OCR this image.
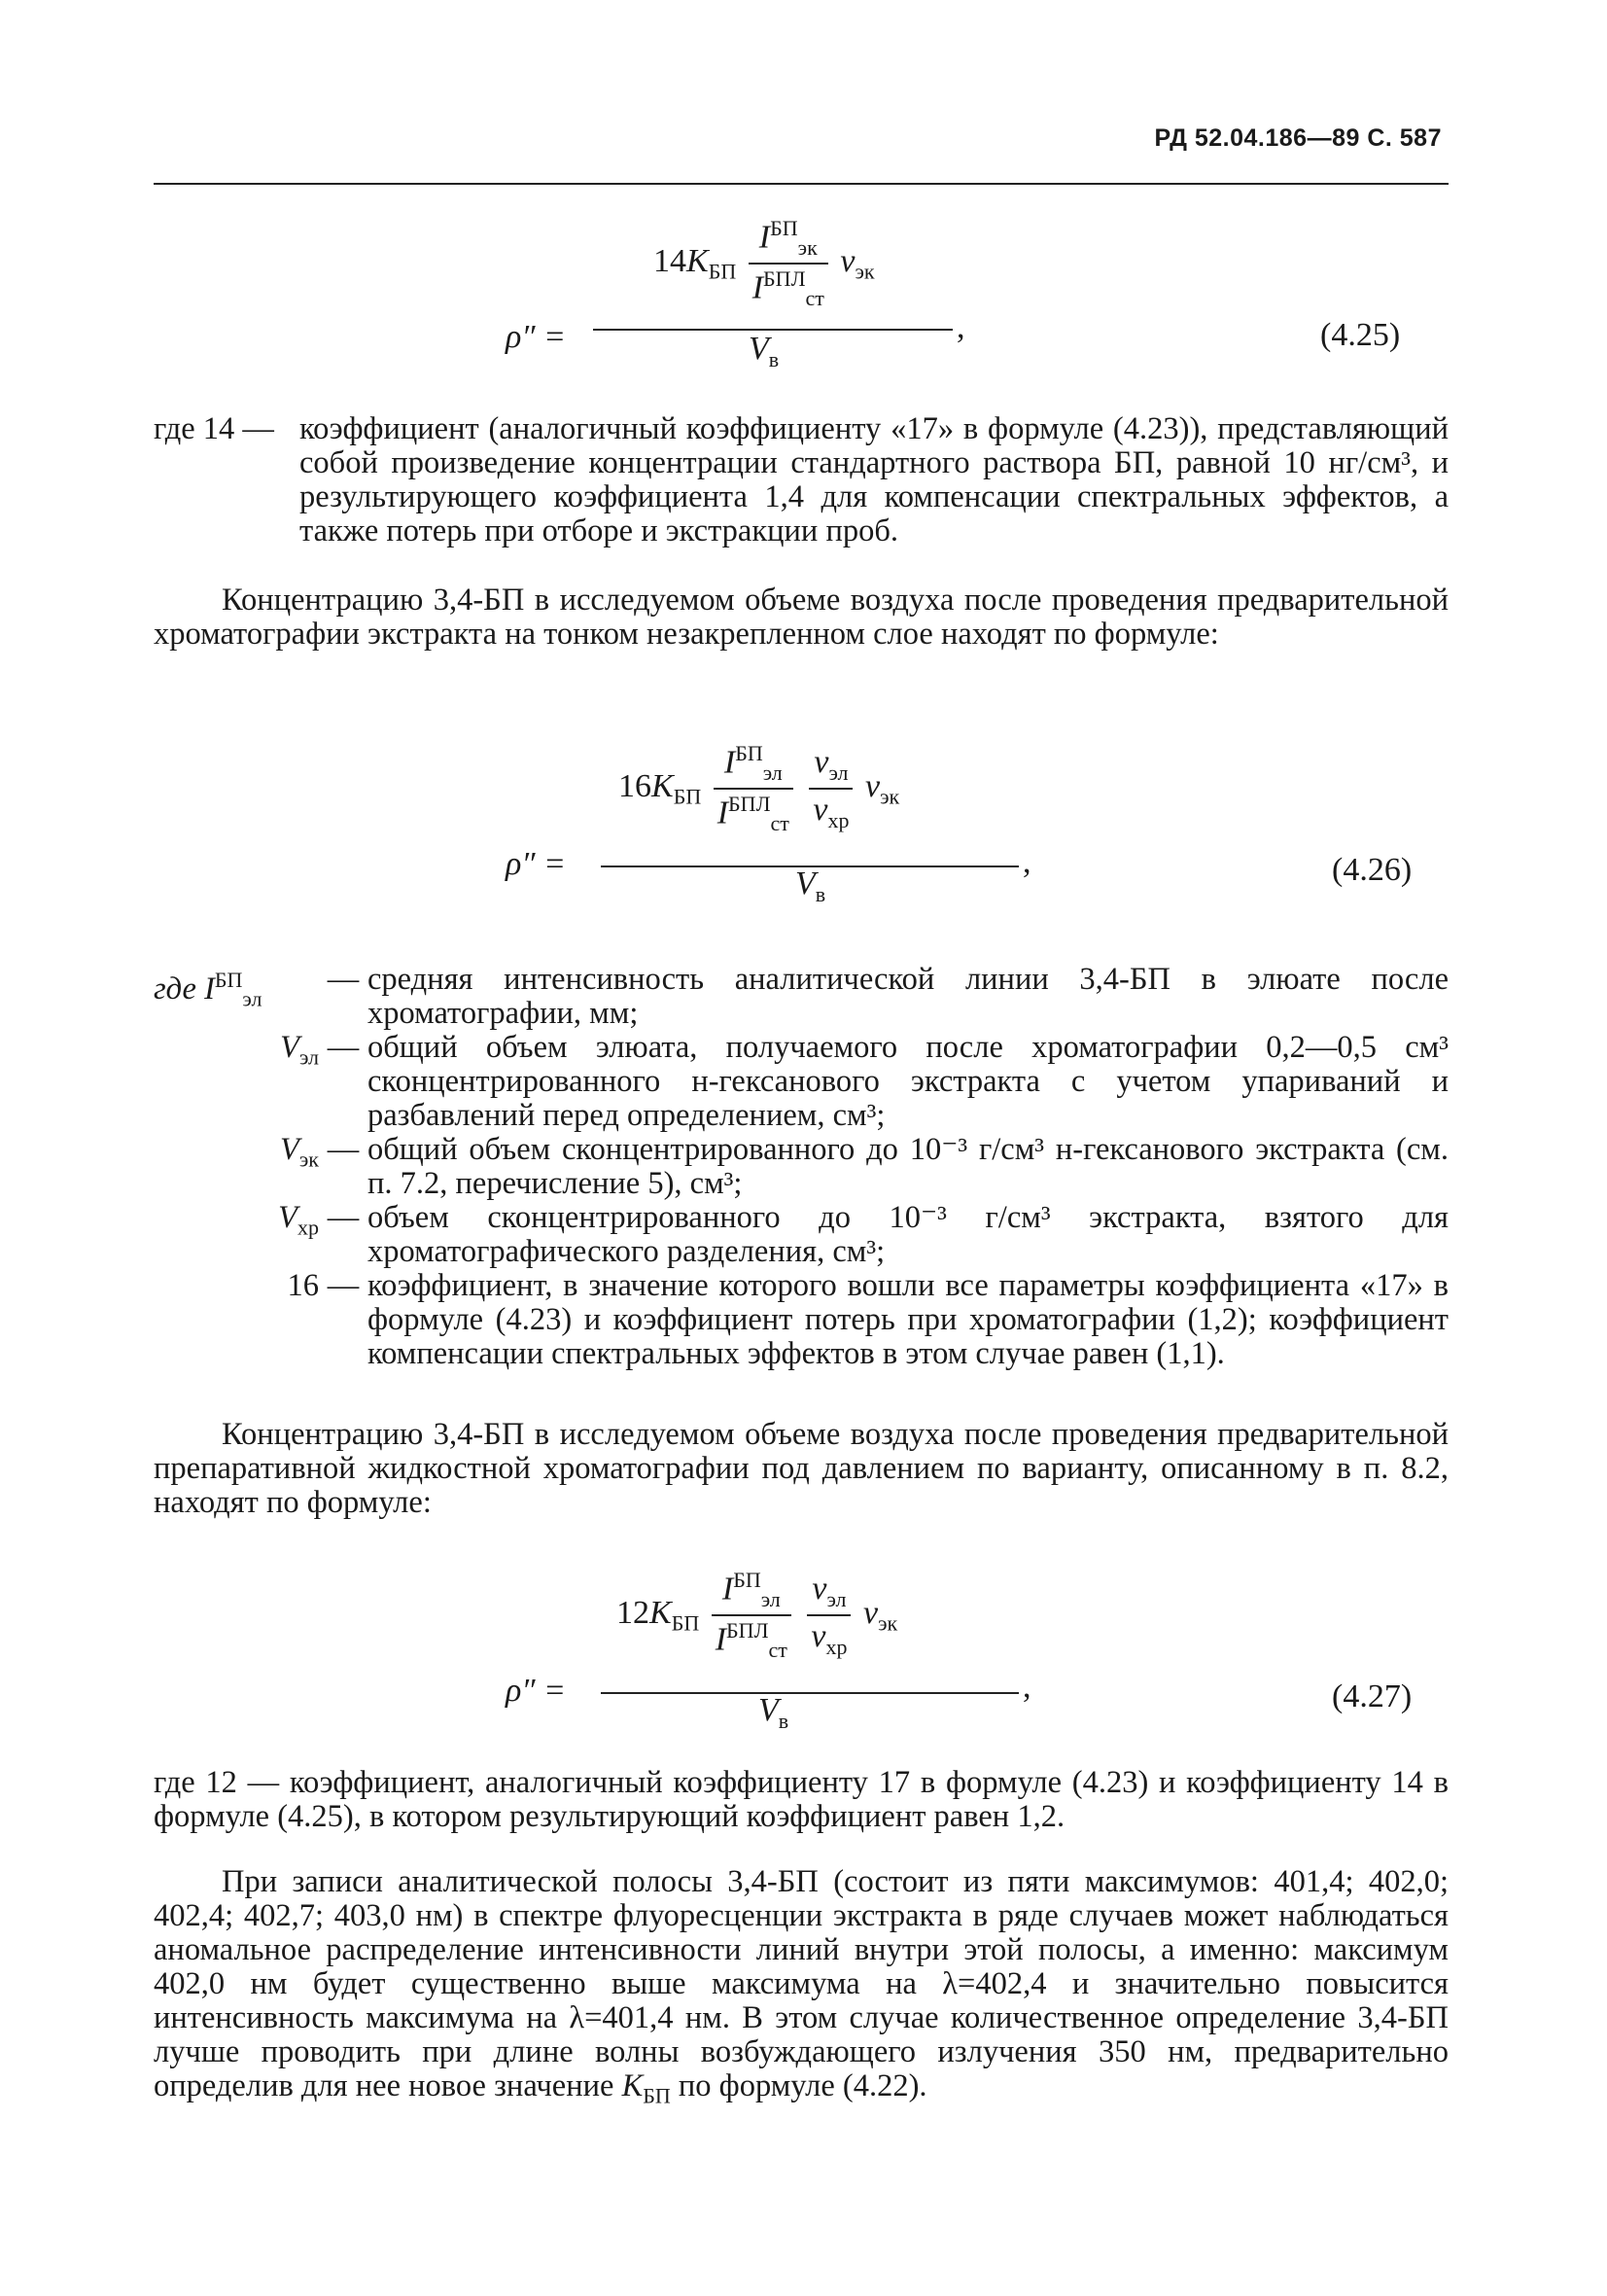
РД 52.04.186—89 С. 587
ρ″ =
$14K_{БП} \frac{I^{БП}_{эк}}{I^{БПЛ}_{ст}} v_{эк}$
$V_в$
,	(4.25)
где 14 — коэффициент (аналогичный коэффициенту «17» в формуле (4.23)), представляющий собой произведение концентрации стандартного раствора БП, равной 10 нг/см³, и результирующего коэффициента 1,4 для компенсации спектральных эффектов, а также потерь при отборе и экстракции проб.
Концентрацию 3,4-БП в исследуемом объеме воздуха после проведения предварительной хроматографии экстракта на тонком незакрепленном слое находят по формуле:
ρ″ =
$16K_{БП} \frac{I^{БП}_{эл}}{I^{БПЛ}_{ст}}$
$\frac{v_{эл}}{v_{хр}} v_{эк}$
$V_в$
,	(4.26)
где $I^{БП}_{эл}$
— средняя интенсивность аналитической линии 3,4-БП в элюате после хроматографии, мм;
$V_{эл}$ — общий объем элюата, получаемого после хроматографии 0,2—0,5 см³ сконцентрированного н-гексанового экстракта с учетом упариваний и разбавлений перед определением, см³;
$V_{эк}$ — общий объем сконцентрированного до 10⁻³ г/см³ н-гексанового экстракта (см. п. 7.2, перечисление 5), см³;
$V_{хр}$ — объем сконцентрированного до 10⁻³ г/см³ экстракта, взятого для хроматографического разделения, см³;
16 — коэффициент, в значение которого вошли все параметры коэффициента «17» в формуле (4.23) и коэффициент потерь при хроматографии (1,2); коэффициент компенсации спектральных эффектов в этом случае равен (1,1).
Концентрацию 3,4-БП в исследуемом объеме воздуха после проведения предварительной препаративной жидкостной хроматографии под давлением по варианту, описанному в п. 8.2, находят по формуле:
ρ″ =
$12K_{БП} \frac{I^{БП}_{эл}}{I^{БПЛ}_{ст}}$
$\frac{v_{эл}}{v_{хр}} v_{эк}$
$V_в$
,	(4.27)
где 12 — коэффициент, аналогичный коэффициенту 17 в формуле (4.23) и коэффициенту 14 в формуле (4.25), в котором результирующий коэффициент равен 1,2.
При записи аналитической полосы 3,4-БП (состоит из пяти максимумов: 401,4; 402,0; 402,4; 402,7; 403,0 нм) в спектре флуоресценции экстракта в ряде случаев может наблюдаться аномальное распределение интенсивности линий внутри этой полосы, а именно: максимум 402,0 нм будет существенно выше максимума на λ=402,4 и значительно повысится интенсивность максимума на λ=401,4 нм. В этом случае количественное определение 3,4-БП лучше проводить при длине волны возбуждающего излучения 350 нм, предварительно определив для нее новое значение $K_{БП}$ по формуле (4.22).
